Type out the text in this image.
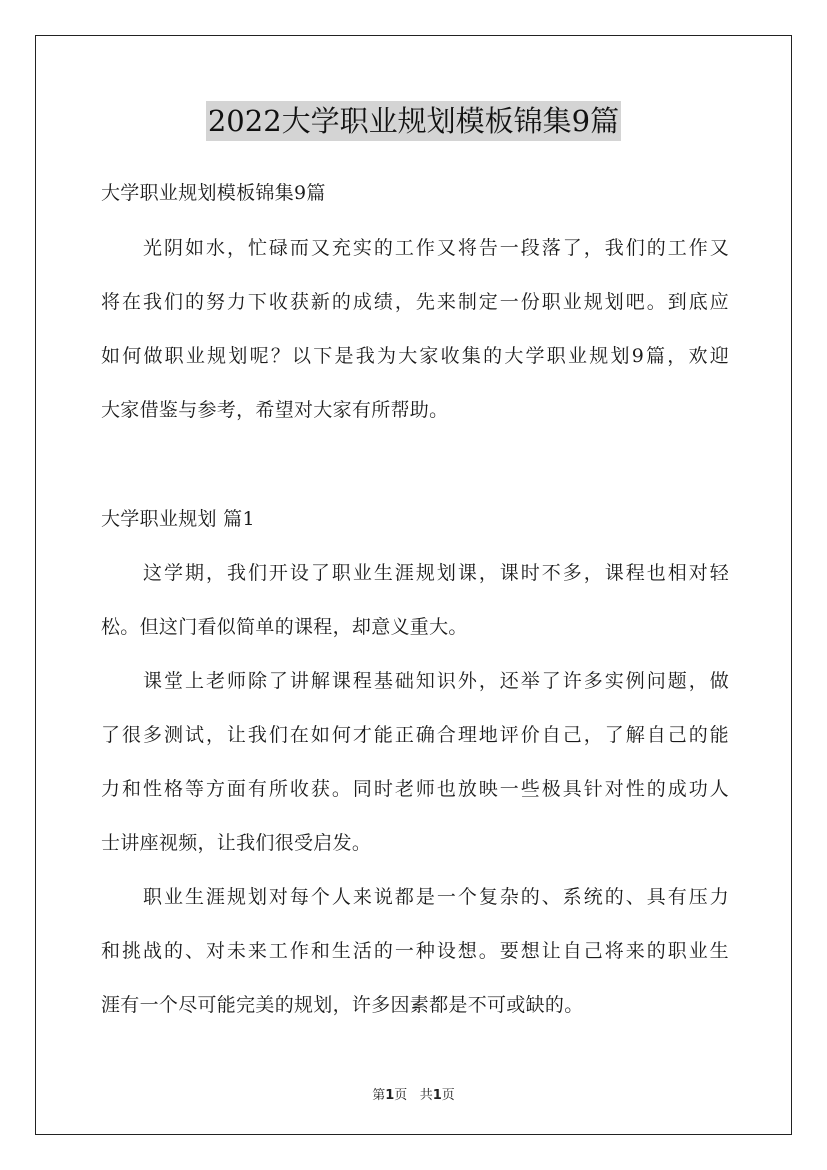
2022大学职业规划模板锦集9篇
大学职业规划模板锦集9篇
光阴如水，忙碌而又充实的工作又将告一段落了，我们的工作又
将在我们的努力下收获新的成绩，先来制定一份职业规划吧。到底应
如何做职业规划呢？以下是我为大家收集的大学职业规划9篇，欢迎
大家借鉴与参考，希望对大家有所帮助。
大学职业规划 篇1
这学期，我们开设了职业生涯规划课，课时不多，课程也相对轻
松。但这门看似简单的课程，却意义重大。
课堂上老师除了讲解课程基础知识外，还举了许多实例问题，做
了很多测试，让我们在如何才能正确合理地评价自己，了解自己的能
力和性格等方面有所收获。同时老师也放映一些极具针对性的成功人
士讲座视频，让我们很受启发。
职业生涯规划对每个人来说都是一个复杂的、系统的、具有压力
和挑战的、对未来工作和生活的一种设想。要想让自己将来的职业生
涯有一个尽可能完美的规划，许多因素都是不可或缺的。
第1页 共1页
